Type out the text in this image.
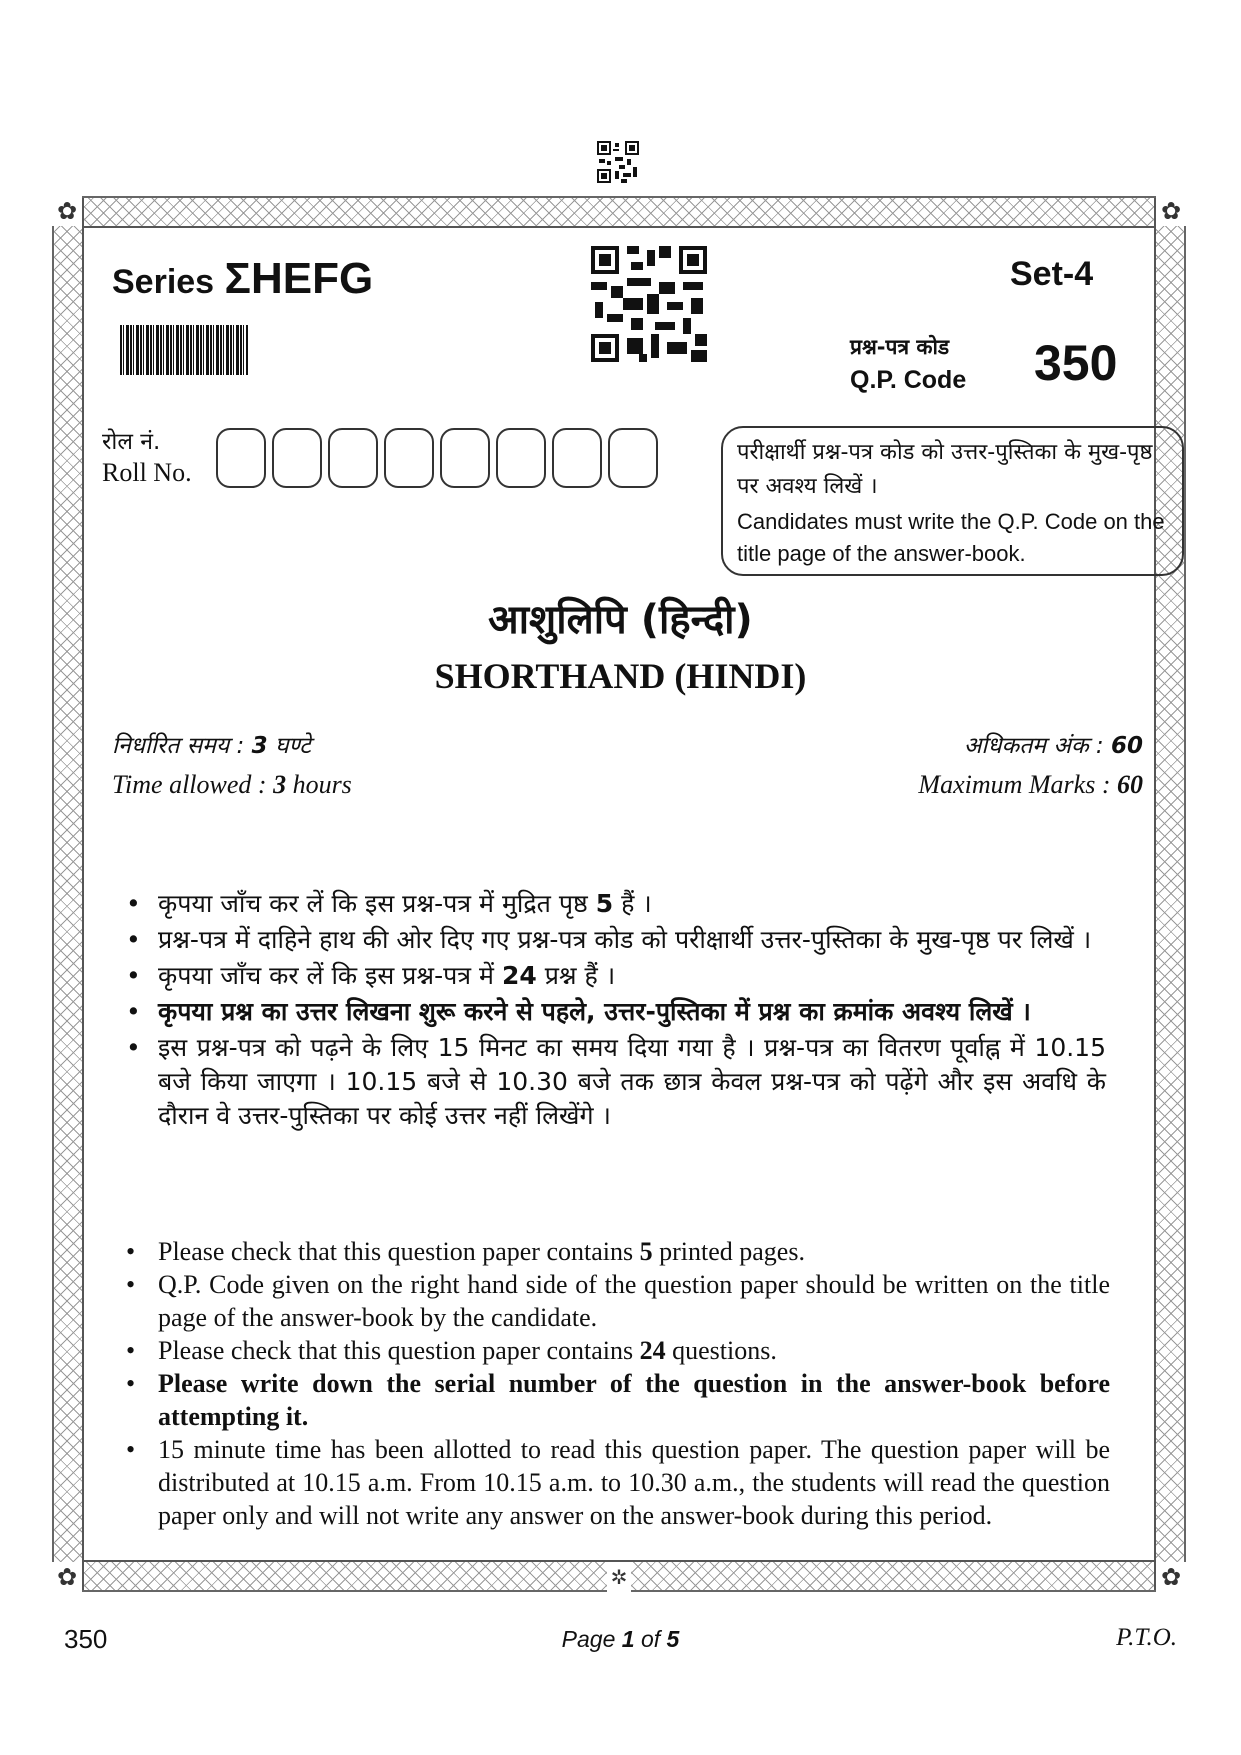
✿	✿
✿	✿
✲
Series ΣHEFG	Set-4
प्रश्न-पत्र कोड
Q.P. Code 350
रोल नं.
Roll No.
परीक्षार्थी प्रश्न-पत्र कोड को उत्तर-पुस्तिका के मुख-पृष्ठ पर अवश्य लिखें ।
Candidates must write the Q.P. Code on the title page of the answer-book.
आशुलिपि (हिन्दी)
SHORTHAND (HINDI)
निर्धारित समय : 3 घण्टे
Time allowed : 3 hours
अधिकतम अंक : 60
Maximum Marks : 60
• कृपया जाँच कर लें कि इस प्रश्न-पत्र में मुद्रित पृष्ठ 5 हैं ।
• प्रश्न-पत्र में दाहिने हाथ की ओर दिए गए प्रश्न-पत्र कोड को परीक्षार्थी उत्तर-पुस्तिका के मुख-पृष्ठ पर लिखें ।
• कृपया जाँच कर लें कि इस प्रश्न-पत्र में 24 प्रश्न हैं ।
• कृपया प्रश्न का उत्तर लिखना शुरू करने से पहले, उत्तर-पुस्तिका में प्रश्न का क्रमांक अवश्य लिखें ।
• इस प्रश्न-पत्र को पढ़ने के लिए 15 मिनट का समय दिया गया है । प्रश्न-पत्र का वितरण पूर्वाह्न में 10.15 बजे किया जाएगा । 10.15 बजे से 10.30 बजे तक छात्र केवल प्रश्न-पत्र को पढ़ेंगे और इस अवधि के दौरान वे उत्तर-पुस्तिका पर कोई उत्तर नहीं लिखेंगे ।
• Please check that this question paper contains 5 printed pages.
• Q.P. Code given on the right hand side of the question paper should be written on the title page of the answer-book by the candidate.
• Please check that this question paper contains 24 questions.
• Please write down the serial number of the question in the answer-book before attempting it.
• 15 minute time has been allotted to read this question paper. The question paper will be distributed at 10.15 a.m. From 10.15 a.m. to 10.30 a.m., the students will read the question paper only and will not write any answer on the answer-book during this period.
350	Page 1 of 5	P.T.O.
